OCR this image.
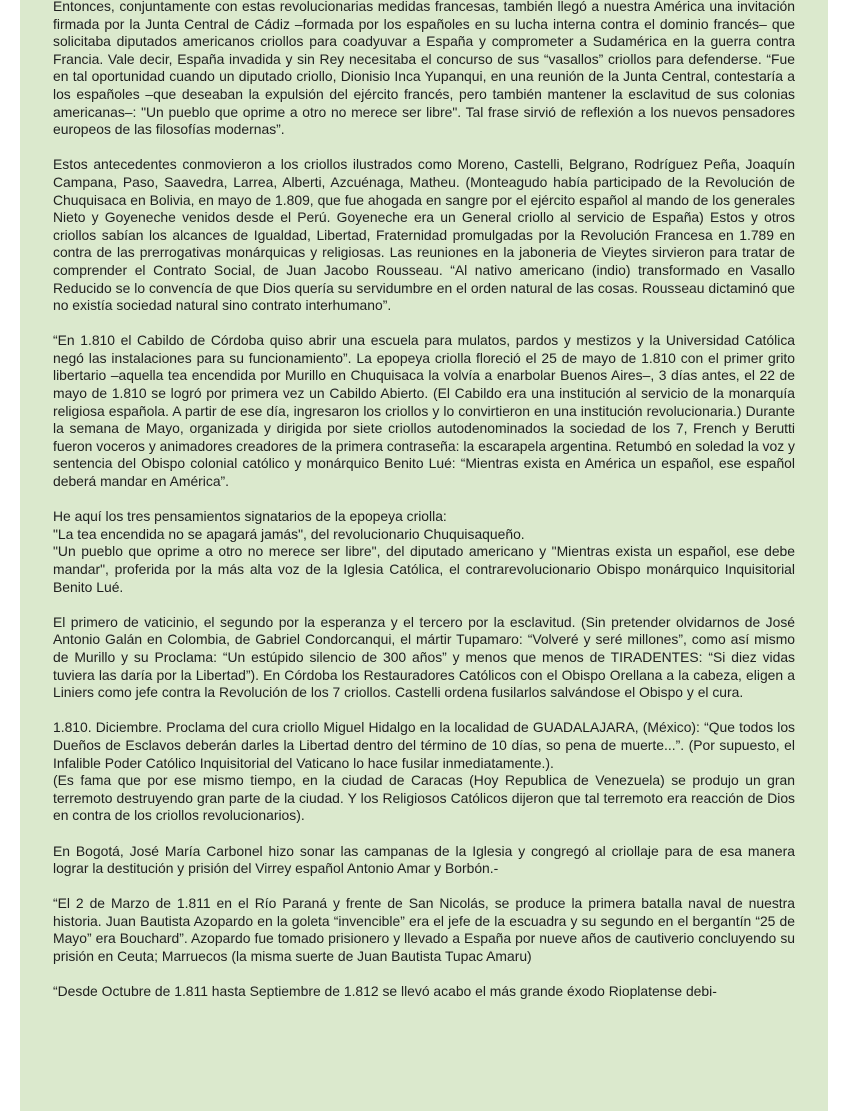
Entonces, conjuntamente con estas revolucionarias medidas francesas, también llegó a nuestra América una invitación firmada por la Junta Central de Cádiz –formada por los españoles en su lucha interna contra el dominio francés– que solicitaba diputados americanos criollos para coadyuvar a España y comprometer a Sudamérica en la guerra contra Francia. Vale decir, España invadida y sin Rey necesitaba el concurso de sus “vasallos” criollos para defenderse. “Fue en tal oportunidad cuando un diputado criollo, Dionisio Inca Yupanqui, en una reunión de la Junta Central, contestaría a los españoles –que deseaban la expulsión del ejército francés, pero también mantener la esclavitud de sus colonias americanas–: "Un pueblo que oprime a otro no merece ser libre". Tal frase sirvió de reflexión a los nuevos pensadores europeos de las filosofías modernas”.

Estos antecedentes conmovieron a los criollos ilustrados como Moreno, Castelli, Belgrano, Rodríguez Peña, Joaquín Campana, Paso, Saavedra, Larrea, Alberti, Azcuénaga, Matheu. (Monteagudo había participado de la Revolución de Chuquisaca en Bolivia, en mayo de 1.809, que fue ahogada en sangre por el ejército español al mando de los generales Nieto y Goyeneche venidos desde el Perú. Goyeneche era un General criollo al servicio de España) Estos y otros criollos sabían los alcances de Igualdad, Libertad, Fraternidad promulgadas por la Revolución Francesa en 1.789 en contra de las prerrogativas monárquicas y religiosas. Las reuniones en la jaboneria de Vieytes sirvieron para tratar de comprender el Contrato Social, de Juan Jacobo Rousseau. “Al nativo americano (indio) transformado en Vasallo Reducido se lo convencía de que Dios quería su servidumbre en el orden natural de las cosas. Rousseau dictaminó que no existía sociedad natural sino contrato interhumano”.

“En 1.810 el Cabildo de Córdoba quiso abrir una escuela para mulatos, pardos y mestizos y la Universidad Católica negó las instalaciones para su funcionamiento”. La epopeya criolla floreció el 25 de mayo de 1.810 con el primer grito libertario –aquella tea encendida por Murillo en Chuquisaca la volvía a enarbolar Buenos Aires–, 3 días antes, el 22 de mayo de 1.810 se logró por primera vez un Cabildo Abierto. (El Cabildo era una institución al servicio de la monarquía religiosa española. A partir de ese día, ingresaron los criollos y lo convirtieron en una institución revolucionaria.) Durante la semana de Mayo, organizada y dirigida por siete criollos autodenominados la sociedad de los 7, French y Berutti fueron voceros y animadores creadores de la primera contraseña: la escarapela argentina. Retumbó en soledad la voz y sentencia del Obispo colonial católico y monárquico Benito Lué: “Mientras exista en América un español, ese español deberá mandar en América”.

He aquí los tres pensamientos signatarios de la epopeya criolla:
"La tea encendida no se apagará jamás", del revolucionario Chuquisaqueño.
"Un pueblo que oprime a otro no merece ser libre", del diputado americano y "Mientras exista un español, ese debe mandar", proferida por la más alta voz de la Iglesia Católica, el contrarevolucionario Obispo monárquico Inquisitorial Benito Lué.

El primero de vaticinio, el segundo por la esperanza y el tercero por la esclavitud. (Sin pretender olvidarnos de José Antonio Galán en Colombia, de Gabriel Condorcanqui, el mártir Tupamaro: “Volveré y seré millones”, como así mismo de Murillo y su Proclama: “Un estúpido silencio de 300 años” y menos que menos de TIRADENTES: “Si diez vidas tuviera las daría por la Libertad”). En Córdoba los Restauradores Católicos con el Obispo Orellana a la cabeza, eligen a Liniers como jefe contra la Revolución de los 7 criollos. Castelli ordena fusilarlos salvándose el Obispo y el cura.

1.810. Diciembre. Proclama del cura criollo Miguel Hidalgo en la localidad de GUADALAJARA, (México): “Que todos los Dueños de Esclavos deberán darles la Libertad dentro del término de 10 días, so pena de muerte...”. (Por supuesto, el Infalible Poder Católico Inquisitorial del Vaticano lo hace fusilar inmediatamente.).
(Es fama que por ese mismo tiempo, en la ciudad de Caracas (Hoy Republica de Venezuela) se produjo un gran terremoto destruyendo gran parte de la ciudad. Y los Religiosos Católicos dijeron que tal terremoto era reacción de Dios en contra de los criollos revolucionarios).

En Bogotá, José María Carbonel hizo sonar las campanas de la Iglesia y congregó al criollaje para de esa manera lograr la destitución y prisión del Virrey español Antonio Amar y Borbón.-

“El 2 de Marzo de 1.811 en el Río Paraná y frente de San Nicolás, se produce la primera batalla naval de nuestra historia. Juan Bautista Azopardo en la goleta “invencible” era el jefe de la escuadra y su segundo en el bergantín “25 de Mayo” era Bouchard”. Azopardo fue tomado prisionero y llevado a España por nueve años de cautiverio concluyendo su prisión en Ceuta; Marruecos (la misma suerte de Juan Bautista Tupac Amaru)

“Desde Octubre de 1.811 hasta Septiembre de 1.812 se llevó acabo el más grande éxodo Rioplatense debi-
